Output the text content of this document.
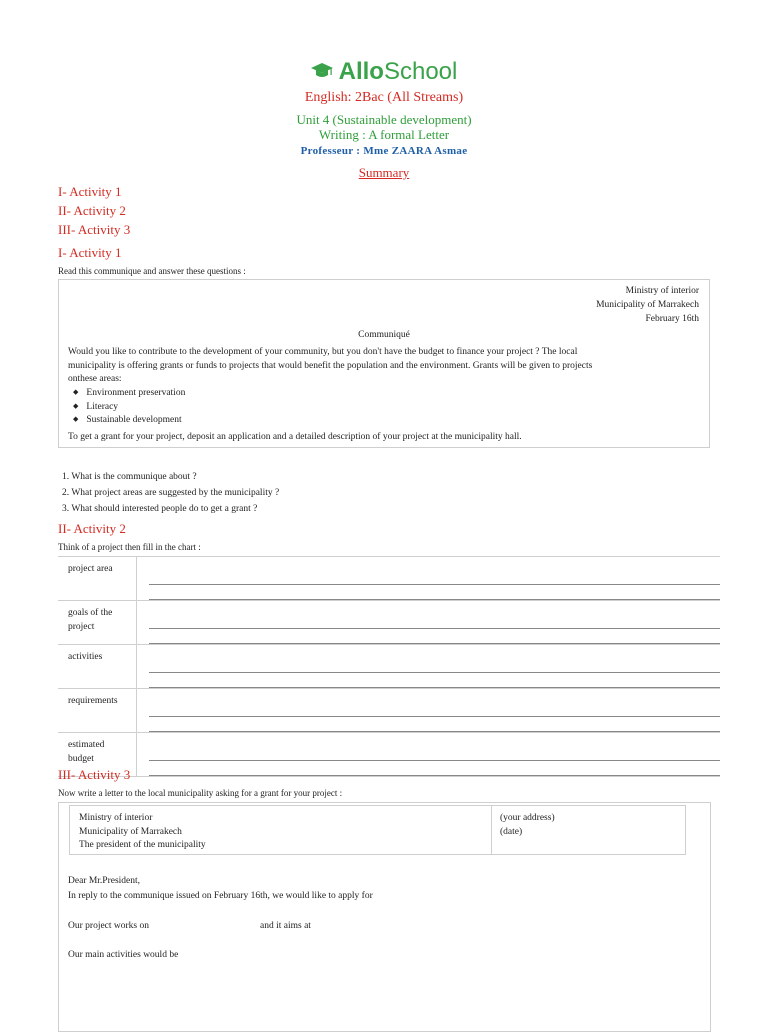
AlloSchool
English: 2Bac (All Streams)
Unit 4 (Sustainable development)
Writing : A formal Letter
Professeur : Mme ZAARA Asmae
Summary
I- Activity 1
II- Activity 2
III- Activity 3
I- Activity 1
Read this communique and answer these questions :
Ministry of interior
Municipality of Marrakech
February 16th
Communiqué
Would you like to contribute to the development of your community, but you don't have the budget to finance your project ? The local
municipality is offering grants or funds to projects that would benefit the population and the environment. Grants will be given to projects
onthese areas:
◆ Environment preservation
◆ Literacy
◆ Sustainable development
To get a grant for your project, deposit an application and a detailed description of your project at the municipality hall.
1. What is the communique about ?
2. What project areas are suggested by the municipality ?
3. What should interested people do to get a grant ?
II- Activity 2
Think of a project then fill in the chart :
project area	

goals of the
project	

activities	

requirements	

estimated
budget	
III- Activity 3
Now write a letter to the local municipality asking for a grant for your project :
Ministry of interior
Municipality of Marrakech
The president of the municipality
(your address)
(date)
Dear Mr.President,
In reply to the communique issued on February 16th, we would like to apply for
Our project works on	and it aims at
Our main activities would be
